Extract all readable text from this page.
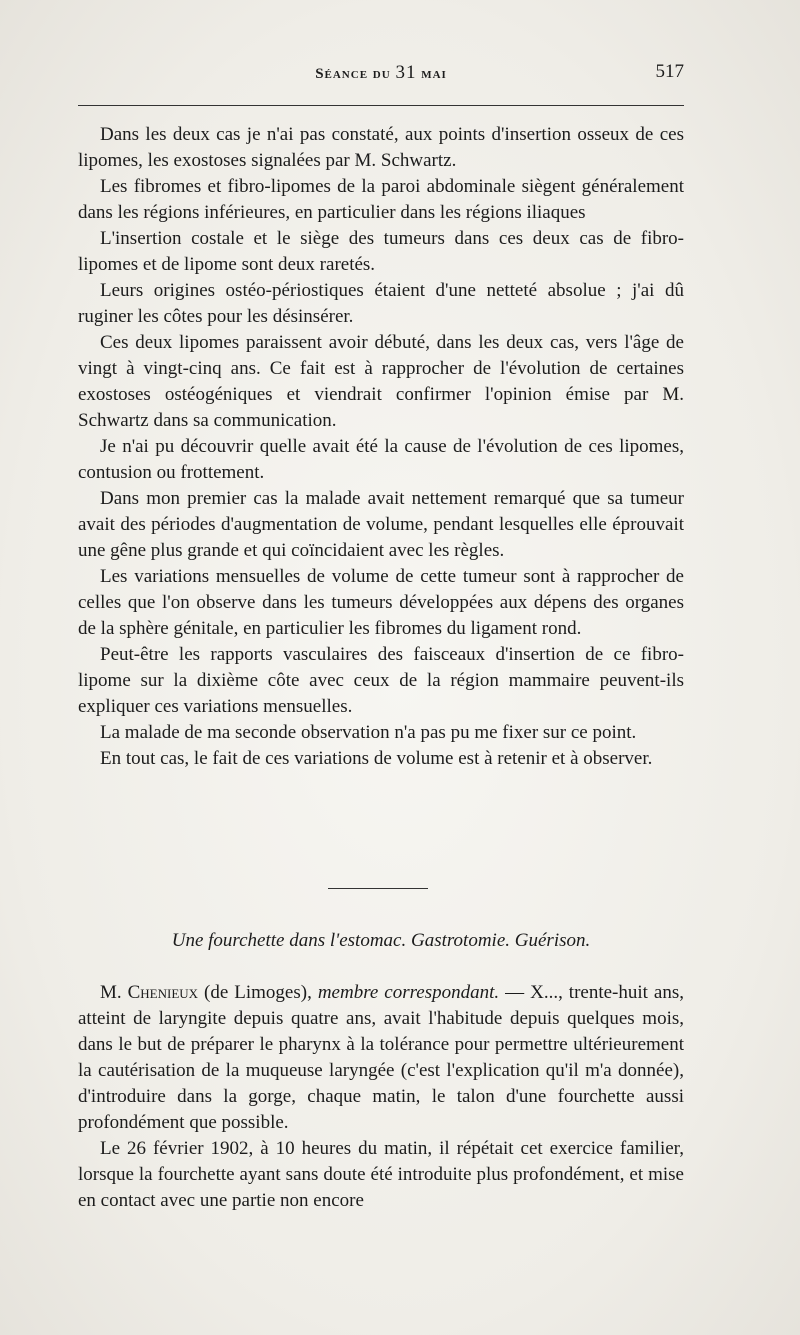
Séance du 31 mai	517

Dans les deux cas je n'ai pas constaté, aux points d'insertion osseux de ces lipomes, les exostoses signalées par M. Schwartz.

Les fibromes et fibro-lipomes de la paroi abdominale siègent généralement dans les régions inférieures, en particulier dans les régions iliaques

L'insertion costale et le siège des tumeurs dans ces deux cas de fibro-lipomes et de lipome sont deux raretés.

Leurs origines ostéo-périostiques étaient d'une netteté absolue ; j'ai dû ruginer les côtes pour les désinsérer.

Ces deux lipomes paraissent avoir débuté, dans les deux cas, vers l'âge de vingt à vingt-cinq ans. Ce fait est à rapprocher de l'évolution de certaines exostoses ostéogéniques et viendrait confirmer l'opinion émise par M. Schwartz dans sa communication.

Je n'ai pu découvrir quelle avait été la cause de l'évolution de ces lipomes, contusion ou frottement.

Dans mon premier cas la malade avait nettement remarqué que sa tumeur avait des périodes d'augmentation de volume, pendant lesquelles elle éprouvait une gêne plus grande et qui coïncidaient avec les règles.

Les variations mensuelles de volume de cette tumeur sont à rapprocher de celles que l'on observe dans les tumeurs développées aux dépens des organes de la sphère génitale, en particulier les fibromes du ligament rond.

Peut-être les rapports vasculaires des faisceaux d'insertion de ce fibro-lipome sur la dixième côte avec ceux de la région mammaire peuvent-ils expliquer ces variations mensuelles.

La malade de ma seconde observation n'a pas pu me fixer sur ce point.

En tout cas, le fait de ces variations de volume est à retenir et à observer.

Une fourchette dans l'estomac. Gastrotomie. Guérison.

M. Chenieux (de Limoges), membre correspondant. — X..., trente-huit ans, atteint de laryngite depuis quatre ans, avait l'habitude depuis quelques mois, dans le but de préparer le pharynx à la tolérance pour permettre ultérieurement la cautérisation de la muqueuse laryngée (c'est l'explication qu'il m'a donnée), d'introduire dans la gorge, chaque matin, le talon d'une fourchette aussi profondément que possible.

Le 26 février 1902, à 10 heures du matin, il répétait cet exercice familier, lorsque la fourchette ayant sans doute été introduite plus profondément, et mise en contact avec une partie non encore
